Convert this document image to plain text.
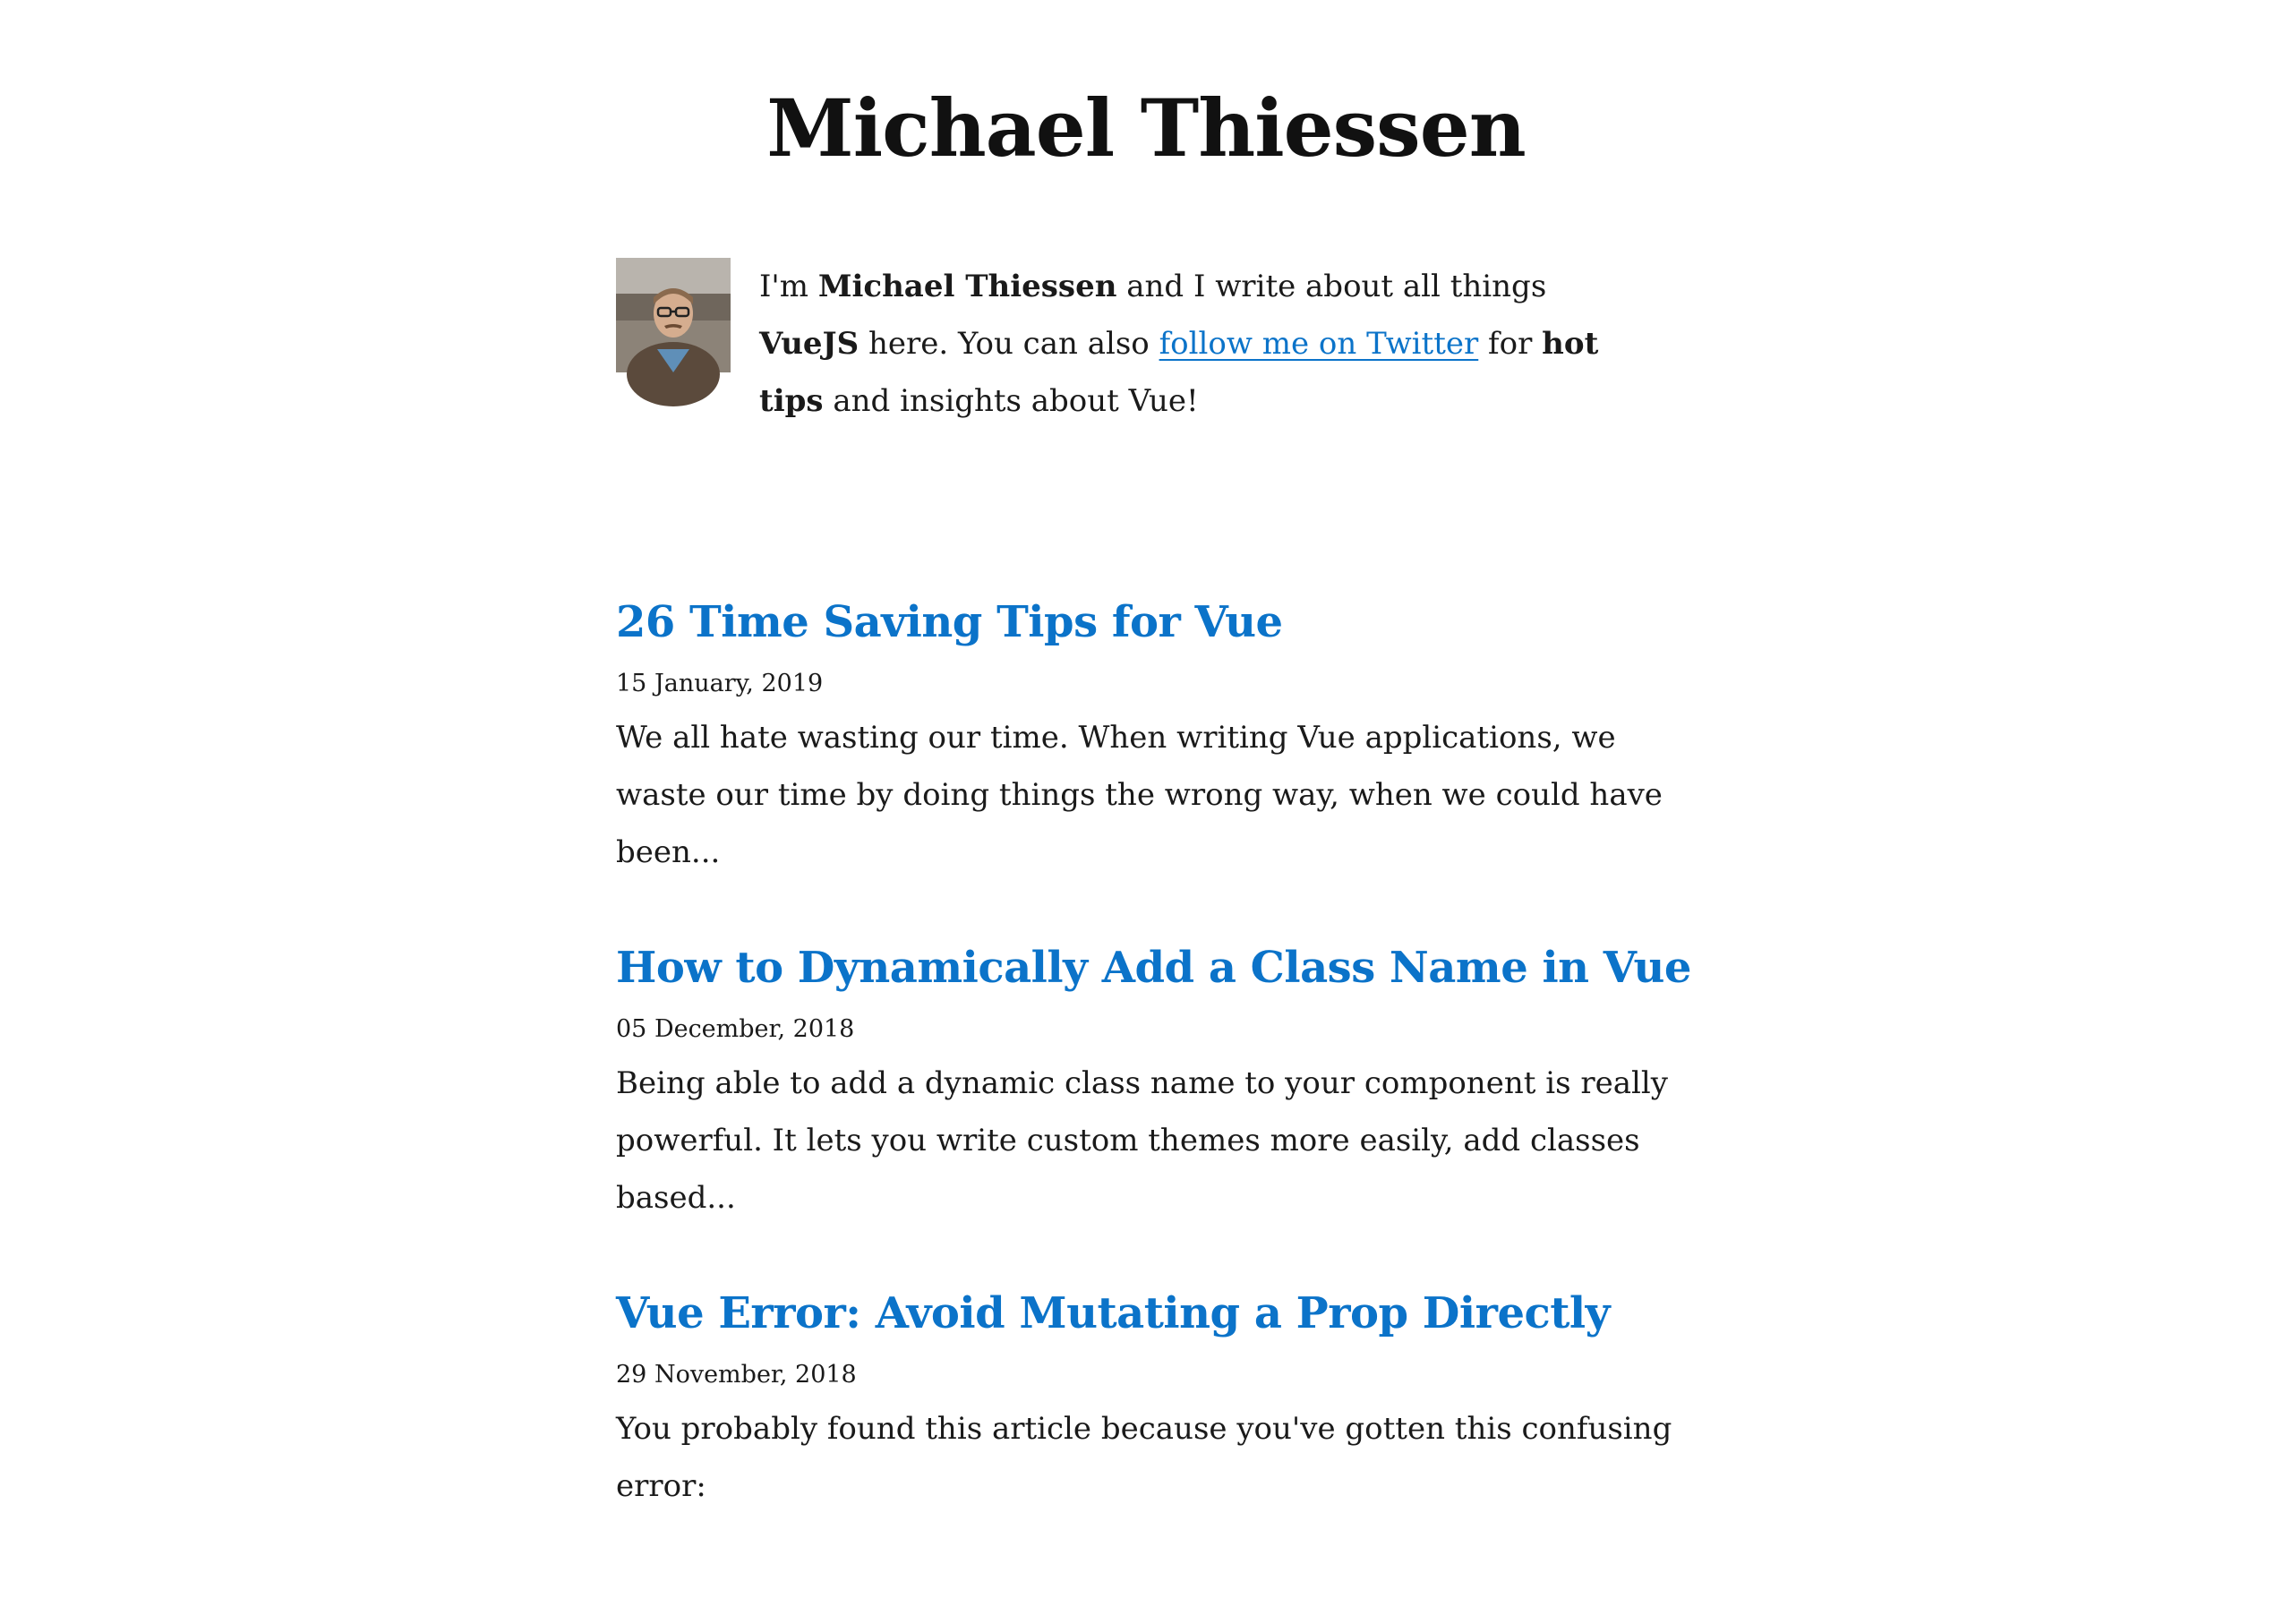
Michael Thiessen

I'm Michael Thiessen and I write about all things VueJS here. You can also follow me on Twitter for hot tips and insights about Vue!

26 Time Saving Tips for Vue

15 January, 2019

We all hate wasting our time. When writing Vue applications, we waste our time by doing things the wrong way, when we could have been...

How to Dynamically Add a Class Name in Vue

05 December, 2018

Being able to add a dynamic class name to your component is really powerful. It lets you write custom themes more easily, add classes based...

Vue Error: Avoid Mutating a Prop Directly

29 November, 2018

You probably found this article because you've gotten this confusing error:
